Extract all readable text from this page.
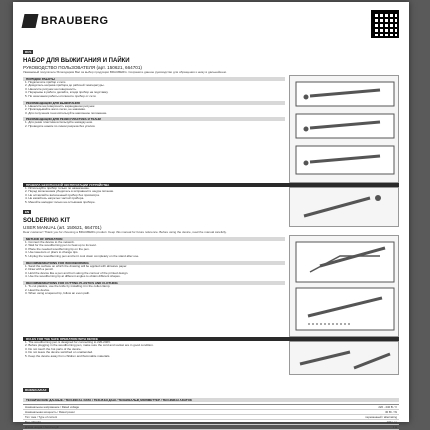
BRAUBERG
RUS
НАБОР ДЛЯ ВЫЖИГАНИЯ И ПАЙКИ
РУКОВОДСТВО ПОЛЬЗОВАТЕЛЯ (арт. 150621, 664701)
Уважаемый покупатель! Благодарим Вас за выбор продукции BRAUBERG. Сохраните данное руководство для обращения к нему в дальнейшем.
ПОРЯДОК РАБОТЫ
1. Подключите прибор к сети.
2. Дождитесь нагрева прибора до рабочей температуры.
3. Наносите рисунок на поверхность.
4. Перерывы в работе делайте, кладя прибор на подставку.
5. По окончании работы отключите прибор от сети.
РЕКОМЕНДАЦИИ ДЛЯ ВЫЖИГАНИЯ
1. Нанесите на поверхность карандашом рисунок.
2. Прикладывайте жало легко, не нажимая.
3. Для получения тени используйте наклонное положение.
РЕКОМЕНДАЦИИ ДЛЯ РЕЗКИ ПЛАСТИКА И ТКАНИ
1. Для резки пластика используйте насадку-нож.
2. Проводите ножом по линии разреза без усилия.
ПРАВИЛА БЕЗОПАСНОЙ ЭКСПЛУАТАЦИИ УСТРОЙСТВА
1. Используйте прибор только по назначению.
2. Перед включением убедитесь в исправности шнура питания.
3. Не оставляйте включенный прибор без присмотра.
4. Не касайтесь нагретых частей прибора.
5. Меняйте насадки только на остывшем приборе.
EN
SOLDERING KIT
USER MANUAL (art. 150621, 664701)
Dear customer! Thank you for choosing a BRAUBERG product. Keep this manual for future reference. Before using the device, read the manual carefully.
METHOD OF OPERATION
1. Connect the device to the network.
2. Wait for the woodburning pen to heat up to its level.
3. Place the needed woodburning tip on the pen.
4. Use tweezers or pliers to change tips.
5. Unplug the woodburning pen and let it cool down completely on the stand after use.
RECOMMENDATIONS FOR WOODBURNING
1. Sand the surface on which the drawing will be applied with abrasive paper.
2. Draw with a pencil.
3. Hold the device like a pen and burn along the contour of the printed design.
4. Use the woodburning tip at different angles to obtain different shapes.
RECOMMENDATIONS FOR CUTTING PLASTICS AND CLOTHING
1. To cut plastics, use the knife by installing it in the collet clamp.
2. Heat the device.
3. When using a tapered tip, follow an even path.
RULES FOR THE SAFE OPERATION WITH DEVICE
1. The woodburning pen is designed for connecting to 220-240V.
2. Before plugging in the woodburning pen, make sure the cord and socket are in good condition.
3. Do not touch the hot parts of the device.
4. Do not leave the device switched on unattended.
5. Keep the device away from children and flammable materials.
RU/EN/UA/KAZ
ТЕХНИЧЕСКИЕ ДАННЫЕ / TECHNICAL DATA / ТЕХНІЧНІ ДАНІ / ТЕХНИКАЛЫҚ МӘЛІМЕТТЕР / TECHNIKAI ADATOK
Номинальное напряжение / Rated voltage	220 - 240 В / V
Номинальная мощность / Rated power	30 Вт / W
Тип тока / Type of current	переменный / alternating
Вес / Weight	100 г / g
Длина шнура / Cord length	1 м
